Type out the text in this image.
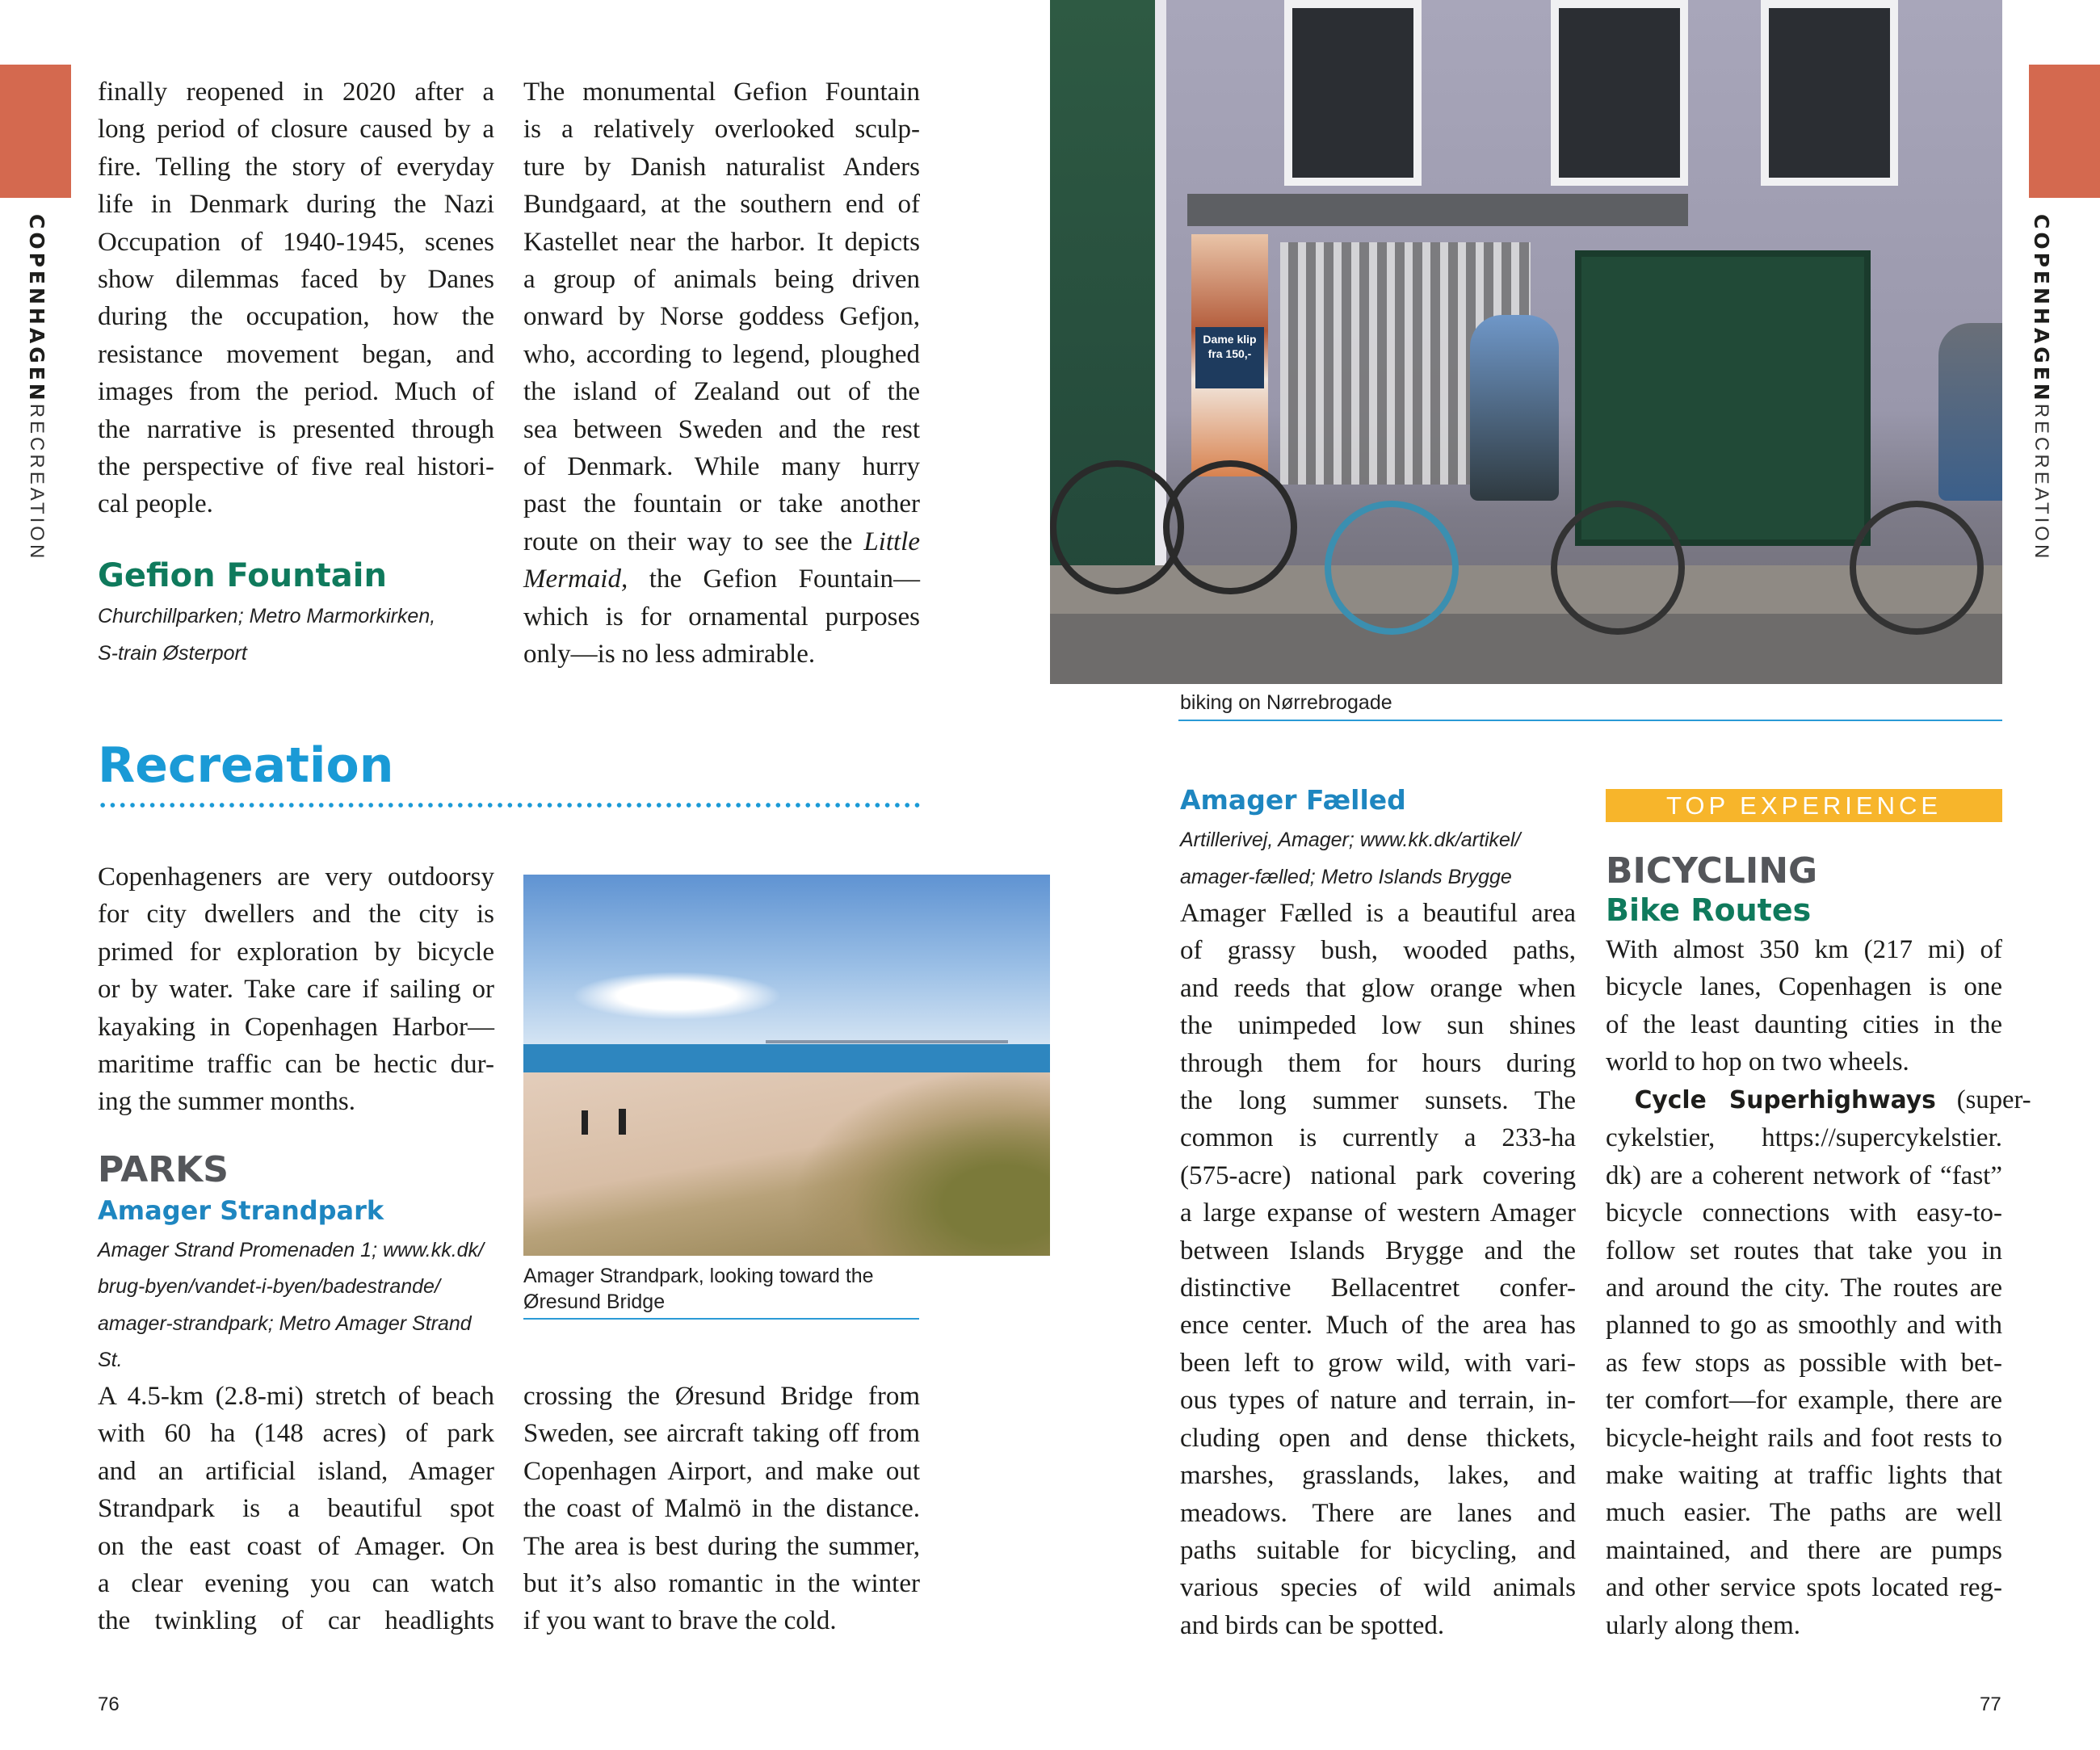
COPENHAGENRECREATION
COPENHAGENRECREATION
finally reopened in 2020 after a
long period of closure caused by a
fire. Telling the story of everyday
life in Denmark during the Nazi
Occupation of 1940-1945, scenes
show dilemmas faced by Danes
during the occupation, how the
resistance movement began, and
images from the period. Much of
the narrative is presented through
the perspective of five real histori-
cal people.
Gefion Fountain
Churchillparken; Metro Marmorkirken,
S-train Østerport
The monumental Gefion Fountain
is a relatively overlooked sculp-
ture by Danish naturalist Anders
Bundgaard, at the southern end of
Kastellet near the harbor. It depicts
a group of animals being driven
onward by Norse goddess Gefjon,
who, according to legend, ploughed
the island of Zealand out of the
sea between Sweden and the rest
of Denmark. While many hurry
past the fountain or take another
route on their way to see the Little
Mermaid, the Gefion Fountain—
which is for ornamental purposes
only—is no less admirable.
Dame klip fra 150,-
biking on Nørrebrogade
Recreation
Copenhageners are very outdoorsy
for city dwellers and the city is
primed for exploration by bicycle
or by water. Take care if sailing or
kayaking in Copenhagen Harbor—
maritime traffic can be hectic dur-
ing the summer months.
Amager Strandpark, looking toward the
Øresund Bridge
PARKS
Amager Strandpark
Amager Strand Promenaden 1; www.kk.dk/
brug-byen/vandet-i-byen/badestrande/
amager-strandpark; Metro Amager Strand
St.
A 4.5-km (2.8-mi) stretch of beach
with 60 ha (148 acres) of park
and an artificial island, Amager
Strandpark is a beautiful spot
on the east coast of Amager. On
a clear evening you can watch
the twinkling of car headlights
crossing the Øresund Bridge from
Sweden, see aircraft taking off from
Copenhagen Airport, and make out
the coast of Malmö in the distance.
The area is best during the summer,
but it’s also romantic in the winter
if you want to brave the cold.
76
Amager Fælled
Artillerivej, Amager; www.kk.dk/artikel/
amager-fælled; Metro Islands Brygge
Amager Fælled is a beautiful area
of grassy bush, wooded paths,
and reeds that glow orange when
the unimpeded low sun shines
through them for hours during
the long summer sunsets. The
common is currently a 233-ha
(575-acre) national park covering
a large expanse of western Amager
between Islands Brygge and the
distinctive Bellacentret confer-
ence center. Much of the area has
been left to grow wild, with vari-
ous types of nature and terrain, in-
cluding open and dense thickets,
marshes, grasslands, lakes, and
meadows. There are lanes and
paths suitable for bicycling, and
various species of wild animals
and birds can be spotted.
TOP EXPERIENCE
BICYCLING
Bike Routes
With almost 350 km (217 mi) of
bicycle lanes, Copenhagen is one
of the least daunting cities in the
world to hop on two wheels.
Cycle Superhighways (super-
cykelstier, https://supercykelstier.
dk) are a coherent network of “fast”
bicycle connections with easy-to-
follow set routes that take you in
and around the city. The routes are
planned to go as smoothly and with
as few stops as possible with bet-
ter comfort—for example, there are
bicycle-height rails and foot rests to
make waiting at traffic lights that
much easier. The paths are well
maintained, and there are pumps
and other service spots located reg-
ularly along them.
77
